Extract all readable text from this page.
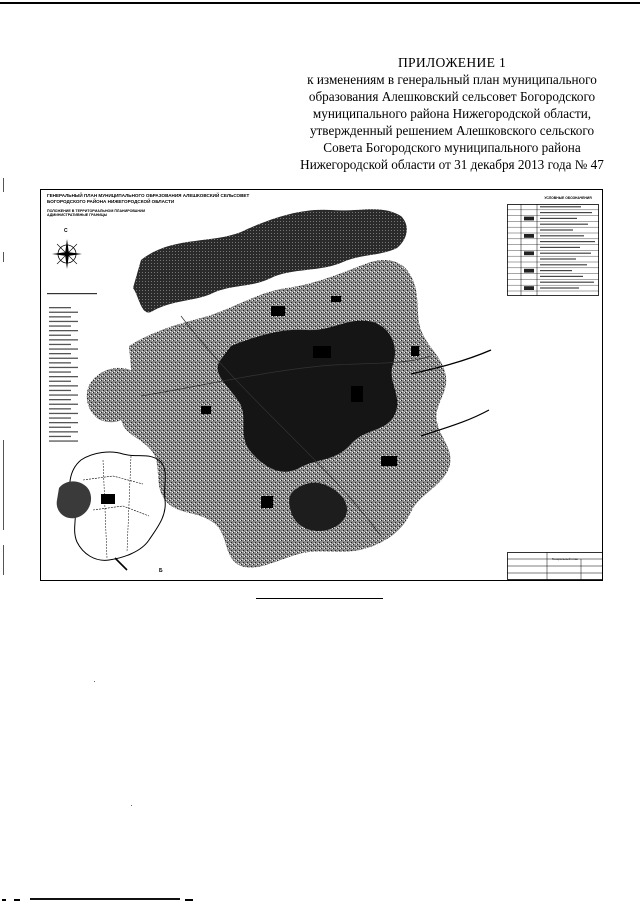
ПРИЛОЖЕНИЕ 1
к изменениям в генеральный план муниципального
образования Алешковский сельсовет Богородского
муниципального района Нижегородской области,
утвержденный решением Алешковского сельского
Совета Богородского муниципального района
Нижегородской области от 31 декабря 2013 года № 47
ГЕНЕРАЛЬНЫЙ ПЛАН МУНИЦИПАЛЬНОГО ОБРАЗОВАНИЯ АЛЕШКОВСКИЙ СЕЛЬСОВЕТ
БОГОРОДСКОГО РАЙОНА НИЖЕГОРОДСКОЙ ОБЛАСТИ
ПОЛОЖЕНИЕ В ТЕРРИТОРИАЛЬНОМ ПЛАНИРОВАНИИ
АДМИНИСТРАТИВНЫЕ ГРАНИЦЫ
С
Б
УСЛОВНЫЕ ОБОЗНАЧЕНИЯ
Генеральный план
